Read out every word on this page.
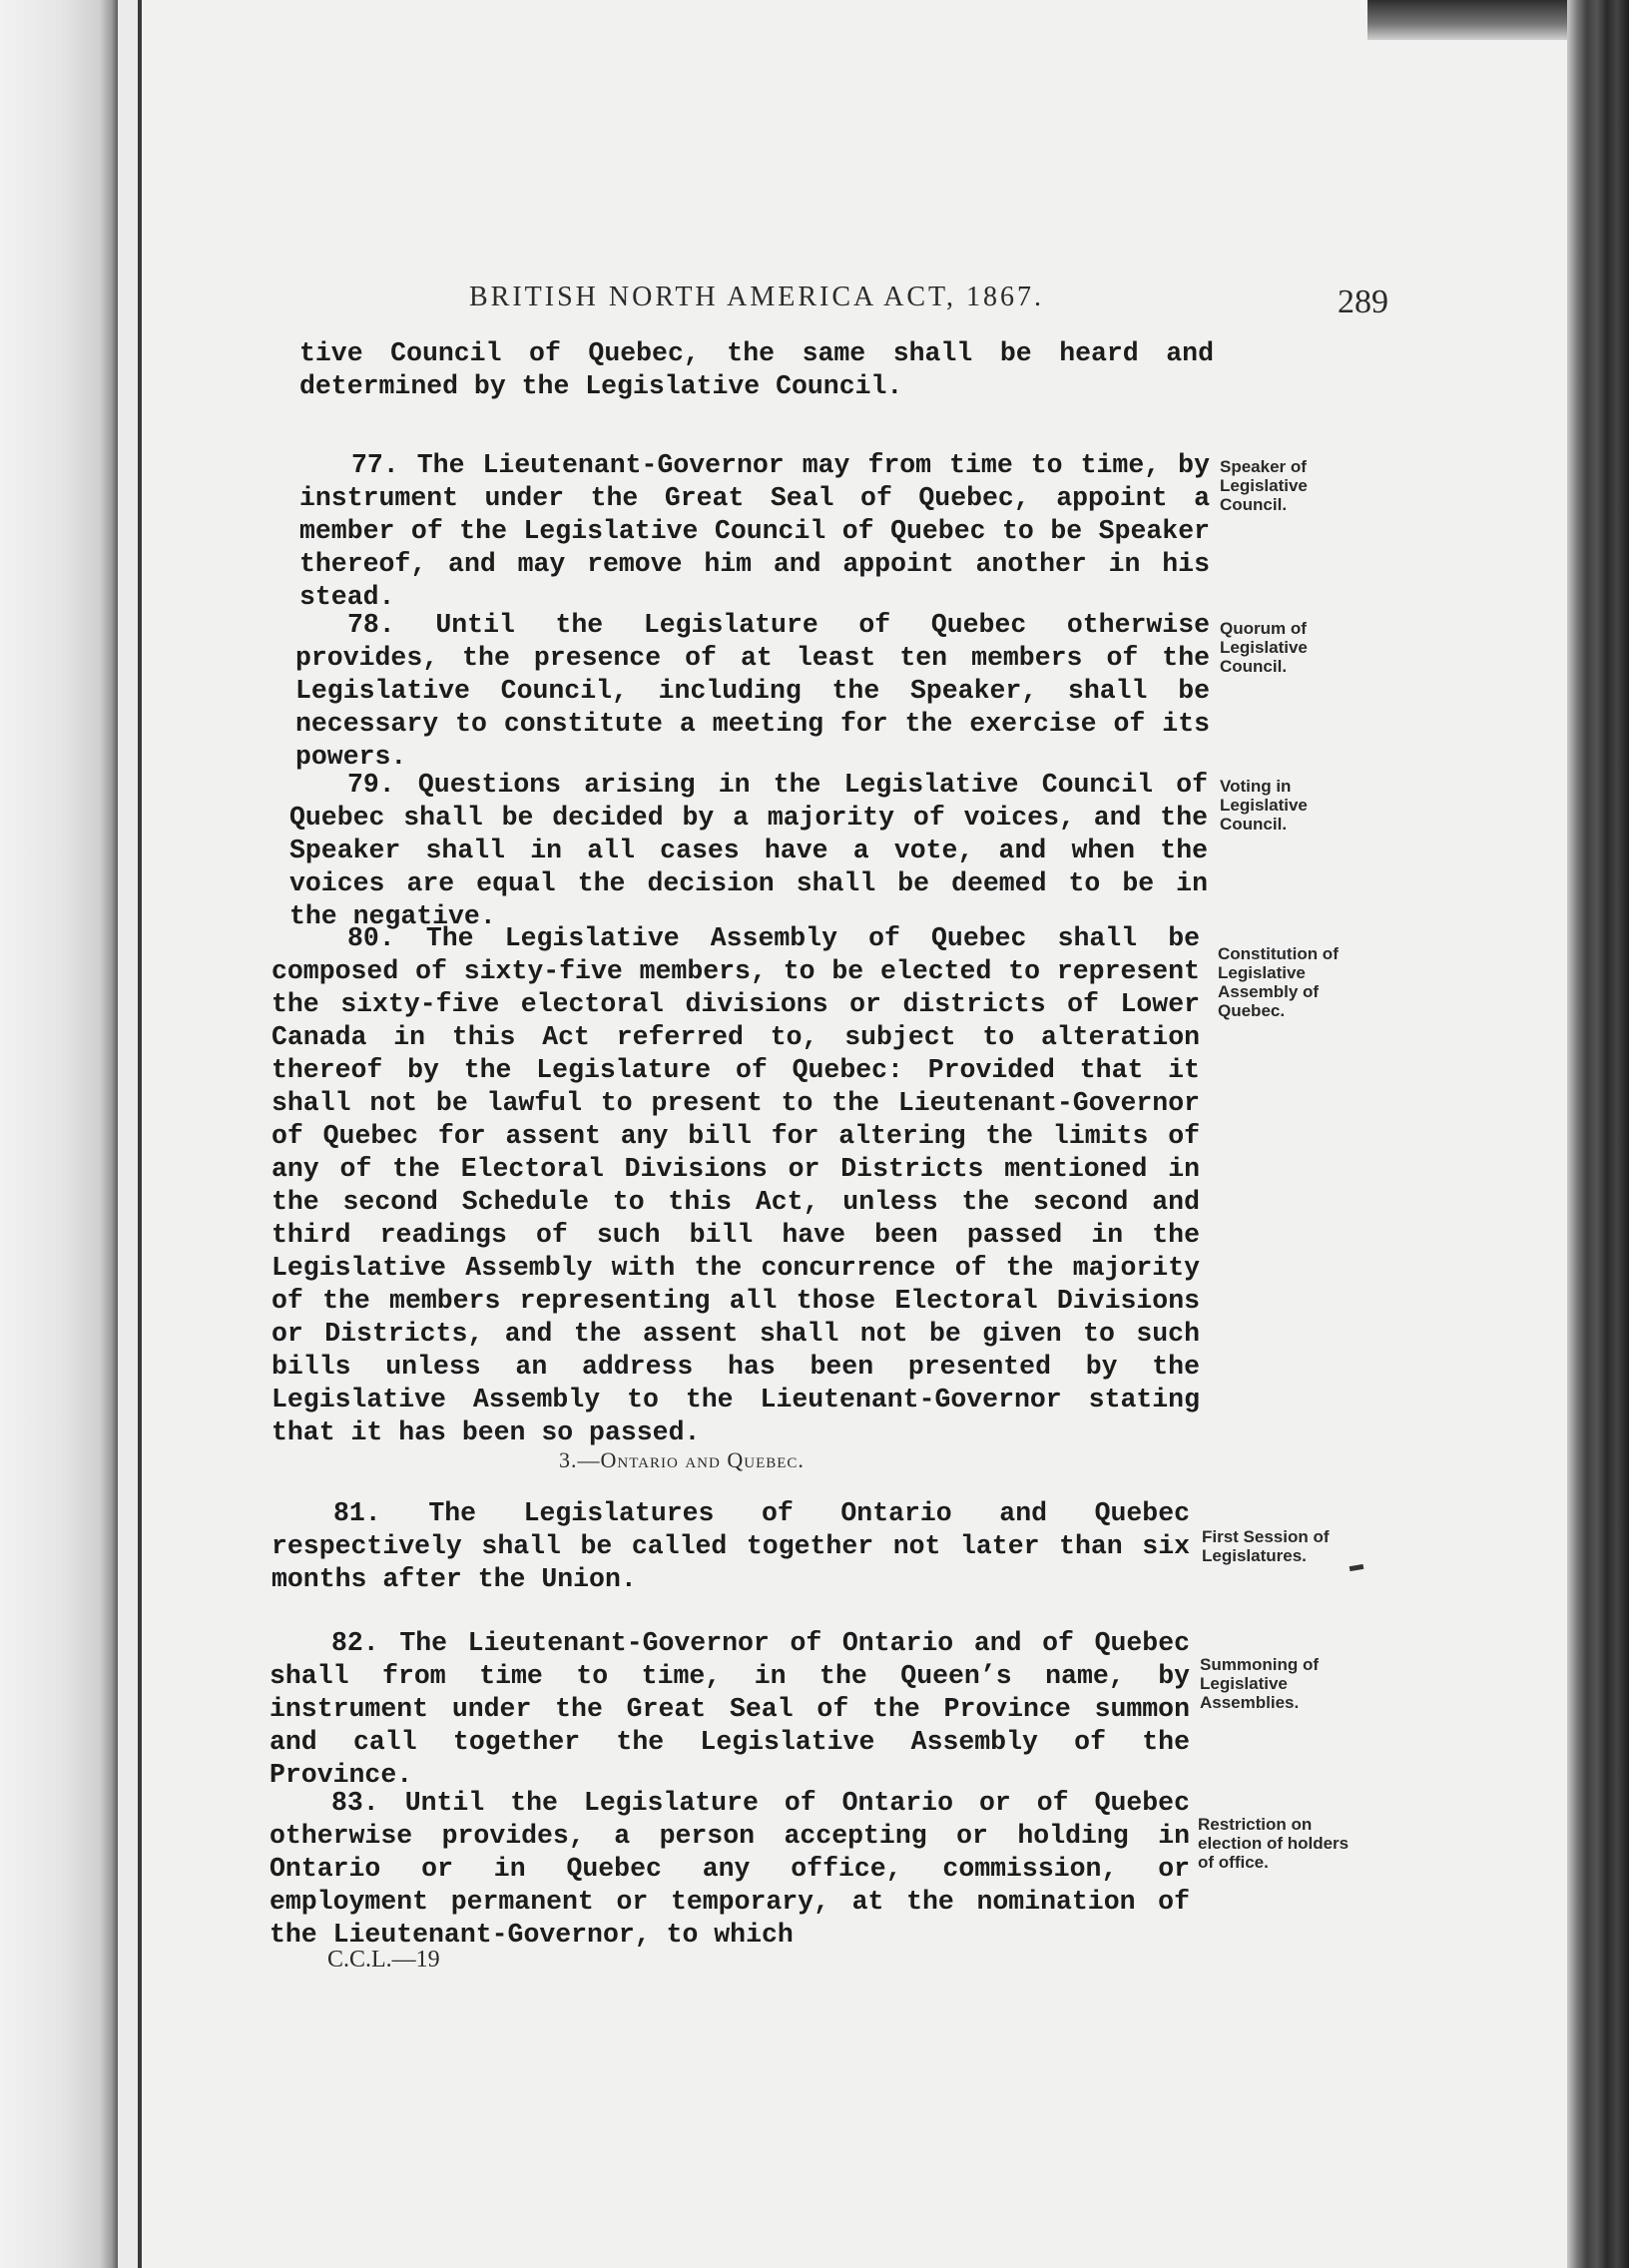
BRITISH NORTH AMERICA ACT, 1867.	289
tive Council of Quebec, the same shall be heard and determined by the Legislative Council.
77. The Lieutenant-Governor may from time to time, by instrument under the Great Seal of Quebec, appoint a member of the Legislative Council of Quebec to be Speaker thereof, and may remove him and appoint another in his stead.
Speaker of Legislative Council.
78. Until the Legislature of Quebec otherwise provides, the presence of at least ten members of the Legislative Council, including the Speaker, shall be necessary to constitute a meeting for the exercise of its powers.
Quorum of Legislative Council.
79. Questions arising in the Legislative Council of Quebec shall be decided by a majority of voices, and the Speaker shall in all cases have a vote, and when the voices are equal the decision shall be deemed to be in the negative.
Voting in Legislative Council.
80. The Legislative Assembly of Quebec shall be composed of sixty-five members, to be elected to represent the sixty-five electoral divisions or districts of Lower Canada in this Act referred to, subject to alteration thereof by the Legislature of Quebec: Provided that it shall not be lawful to present to the Lieutenant-Governor of Quebec for assent any bill for altering the limits of any of the Electoral Divisions or Districts mentioned in the second Schedule to this Act, unless the second and third readings of such bill have been passed in the Legislative Assembly with the concurrence of the majority of the members representing all those Electoral Divisions or Districts, and the assent shall not be given to such bills unless an address has been presented by the Legislative Assembly to the Lieutenant-Governor stating that it has been so passed.
Constitution of Legislative Assembly of Quebec.
3.—Ontario and Quebec.
81. The Legislatures of Ontario and Quebec respectively shall be called together not later than six months after the Union.
First Session of Legislatures.
82. The Lieutenant-Governor of Ontario and of Quebec shall from time to time, in the Queen’s name, by instrument under the Great Seal of the Province summon and call together the Legislative Assembly of the Province.
Summoning of Legislative Assemblies.
83. Until the Legislature of Ontario or of Quebec otherwise provides, a person accepting or holding in Ontario or in Quebec any office, commission, or employment permanent or temporary, at the nomination of the Lieutenant-Governor, to which
Restriction on election of holders of office.
C.C.L.—19
